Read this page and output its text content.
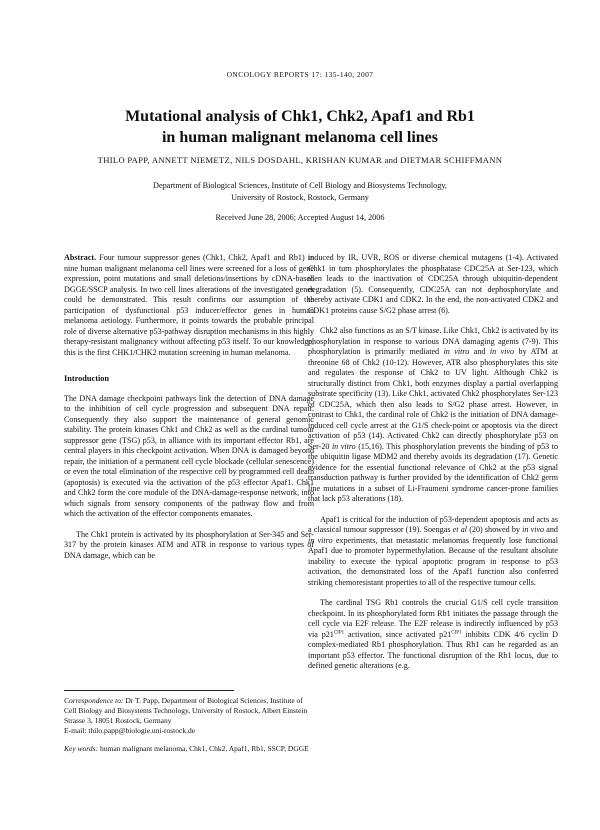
ONCOLOGY REPORTS 17: 135-140, 2007
Mutational analysis of Chk1, Chk2, Apaf1 and Rb1
in human malignant melanoma cell lines
THILO PAPP, ANNETT NIEMETZ, NILS DOSDAHL, KRISHAN KUMAR and DIETMAR SCHIFFMANN
Department of Biological Sciences, Institute of Cell Biology and Biosystems Technology,
University of Rostock, Rostock, Germany
Received June 28, 2006; Accepted August 14, 2006

Abstract. Four tumour suppressor genes (Chk1, Chk2, Apaf1 and Rb1) in nine human malignant melanoma cell lines were screened for a loss of gene expression, point mutations and small deletions/insertions by cDNA-based DGGE/SSCP analysis. In two cell lines alterations of the investigated genes could be demonstrated. This result confirms our assumption of the participation of dysfunctional p53 inducer/effector genes in human melanoma aetiology. Furthermore, it points towards the probable principal role of diverse alternative p53-pathway disruption mechanisms in this highly therapy-resistant malignancy without affecting p53 itself. To our knowledge, this is the first CHK1/CHK2 mutation screening in human melanoma.

Introduction

The DNA damage checkpoint pathways link the detection of DNA damage to the inhibition of cell cycle progression and subsequent DNA repair. Consequently they also support the maintenance of general genomic stability. The protein kinases Chk1 and Chk2 as well as the cardinal tumour suppressor gene (TSG) p53, in alliance with its important effector Rb1, are central players in this checkpoint activation. When DNA is damaged beyond repair, the initiation of a permanent cell cycle blockade (cellular senescence) or even the total elimination of the respective cell by programmed cell death (apoptosis) is executed via the activation of the p53 effector Apaf1. Chk1 and Chk2 form the core module of the DNA-damage-response network, into which signals from sensory components of the pathway flow and from which the activation of the effector components emanates.

The Chk1 protein is activated by its phosphorylation at Ser-345 and Ser-317 by the protein kinases ATM and ATR in response to various types of DNA damage, which can be

induced by IR, UVR, ROS or diverse chemical mutagens (1-4). Activated Chk1 in turn phosphorylates the phosphatase CDC25A at Ser-123, which then leads to the inactivation of CDC25A through ubiquitin-dependent degradation (5). Consequently, CDC25A can not dephosphorylate and thereby activate CDK1 and CDK2. In the end, the non-activated CDK2 and CDK1 proteins cause S/G2 phase arrest (6).

Chk2 also functions as an S/T kinase. Like Chk1, Chk2 is activated by its phosphorylation in response to various DNA damaging agents (7-9). This phosphorylation is primarily mediated in vitro and in vivo by ATM at threonine 68 of Chk2 (10-12). However, ATR also phosphorylates this site and regulates the response of Chk2 to UV light. Although Chk2 is structurally distinct from Chk1, both enzymes display a partial overlapping substrate specificity (13). Like Chk1, activated Chk2 phosphorylates Ser-123 of CDC25A, which then also leads to S/G2 phase arrest. However, in contrast to Chk1, the cardinal role of Chk2 is the initiation of DNA damage-induced cell cycle arrest at the G1/S check-point or apoptosis via the direct activation of p53 (14). Activated Chk2 can directly phosphorylate p53 on Ser-20 in vitro (15,16). This phosphorylation prevents the binding of p53 to the ubiquitin ligase MDM2 and thereby avoids its degradation (17). Genetic evidence for the essential functional relevance of Chk2 at the p53 signal transduction pathway is further provided by the identification of Chk2 germ line mutations in a subset of Li-Fraumeni syndrome cancer-prone families that lack p53 alterations (18).

Apaf1 is critical for the induction of p53-dependent apoptosis and acts as a classical tumour suppressor (19). Soengas et al (20) showed by in vivo and in vitro experiments, that metastatic melanomas frequently lose functional Apaf1 due to promoter hypermethylation. Because of the resultant absolute inability to execute the typical apoptotic program in response to p53 activation, the demonstrated loss of the Apaf1 function also conferred striking chemoresistant properties to all of the respective tumour cells.

The cardinal TSG Rb1 controls the crucial G1/S cell cycle transition checkpoint. In its phosphorylated form Rb1 initiates the passage through the cell cycle via E2F release. The E2F release is indirectly influenced by p53 via $p21^{CIP1}$ activation, since activated $p21^{CIP1}$ inhibits CDK 4/6 cyclin D complex-mediated Rb1 phosphorylation. Thus Rb1 can be regarded as an important p53 effector. The functional disruption of the Rb1 locus, due to defined genetic alterations (e.g.

Correspondence to: Dr T. Papp, Department of Biological Sciences, Institute of Cell Biology and Biosystems Technology, University of Rostock, Albert Einstein Strasse 3, 18051 Rostock, Germany
E-mail: thilo.papp@biologie.uni-rostock.de

Key words: human malignant melanoma, Chk1, Chk2, Apaf1, Rb1, SSCP, DGGE
